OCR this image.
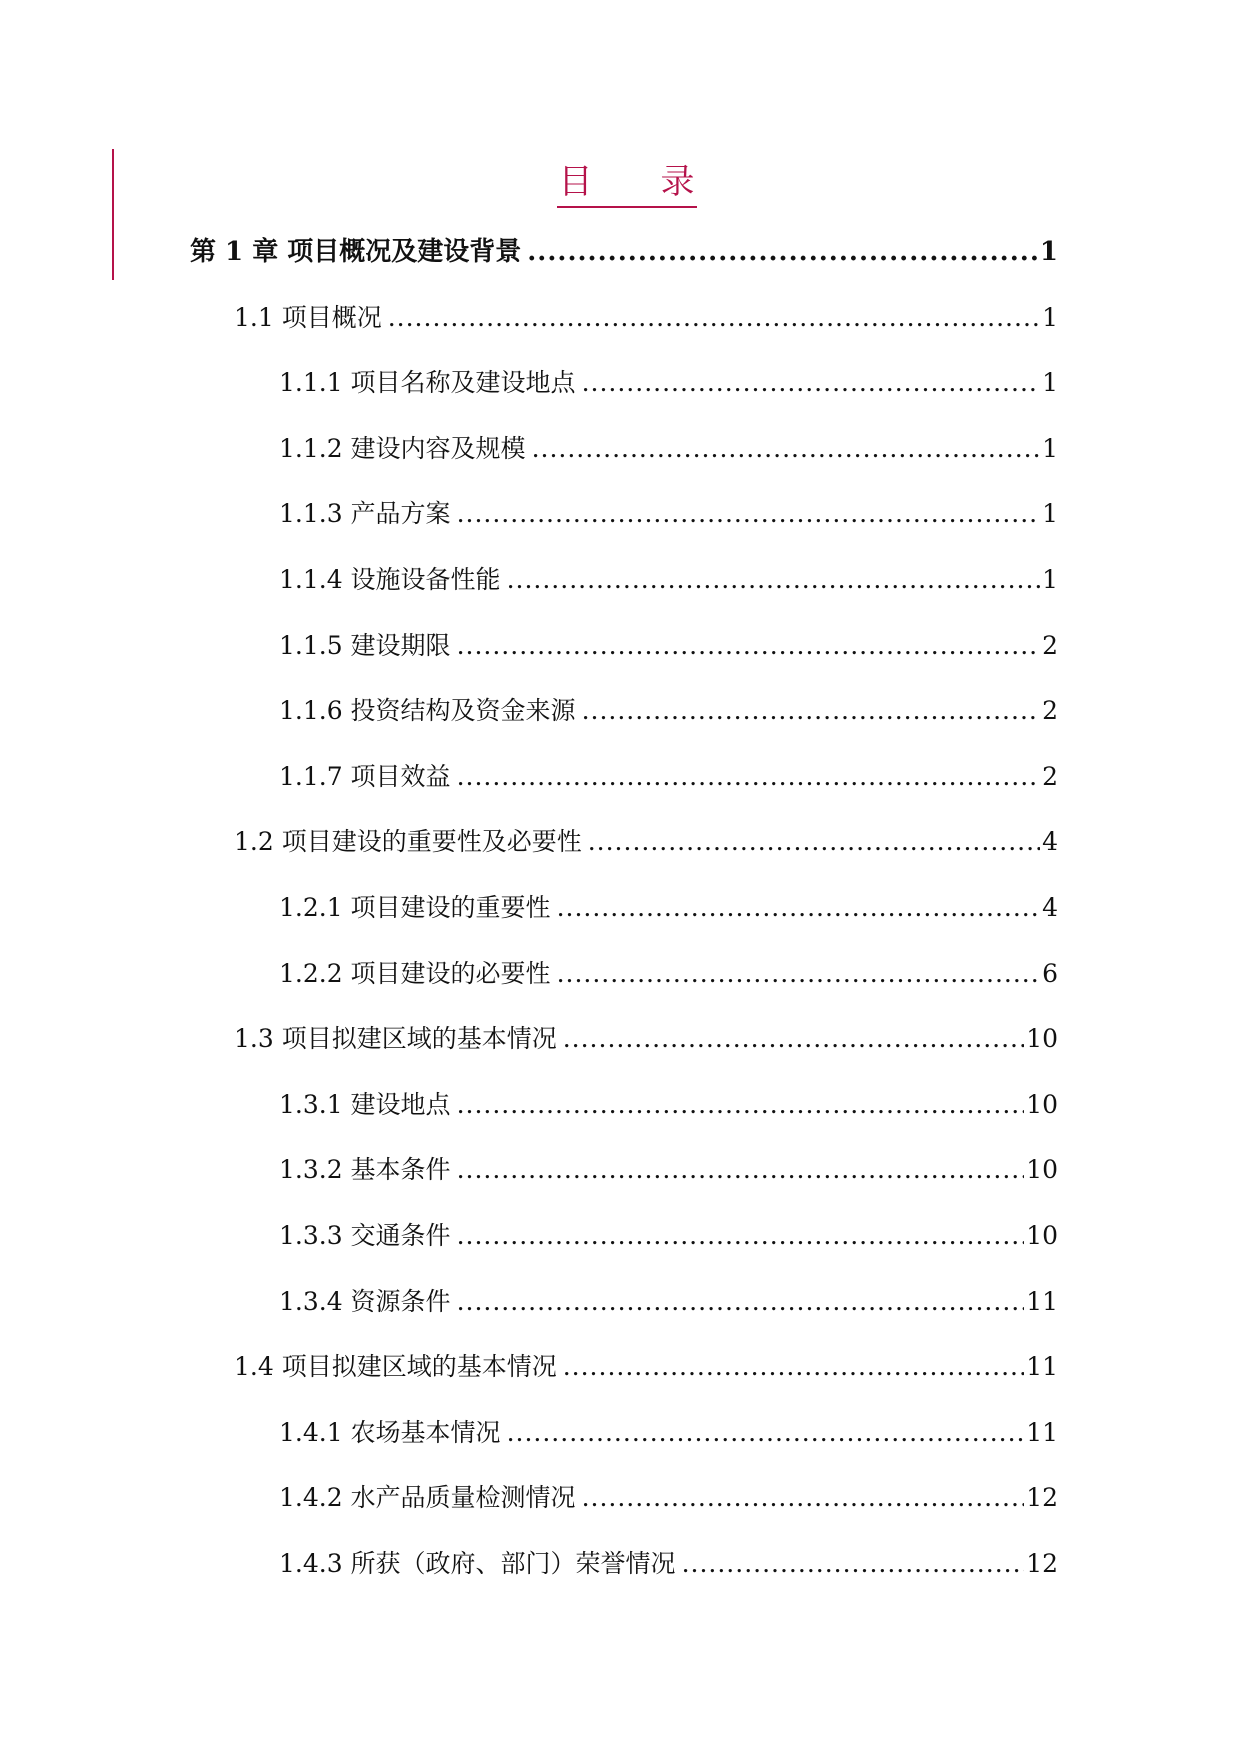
目　　录
第 1 章 项目概况及建设背景 .....	1
1.1 项目概况 .....	1
1.1.1 项目名称及建设地点 .....	1
1.1.2 建设内容及规模 .....	1
1.1.3 产品方案 .....	1
1.1.4 设施设备性能 .....	1
1.1.5 建设期限 .....	2
1.1.6 投资结构及资金来源 .....	2
1.1.7 项目效益 .....	2
1.2 项目建设的重要性及必要性 .....	4
1.2.1 项目建设的重要性 .....	4
1.2.2 项目建设的必要性 .....	6
1.3 项目拟建区域的基本情况 .....	10
1.3.1 建设地点 .....	10
1.3.2 基本条件 .....	10
1.3.3 交通条件 .....	10
1.3.4 资源条件 .....	11
1.4 项目拟建区域的基本情况 .....	11
1.4.1 农场基本情况 .....	11
1.4.2 水产品质量检测情况 .....	12
1.4.3 所获（政府、部门）荣誉情况 .....	12
